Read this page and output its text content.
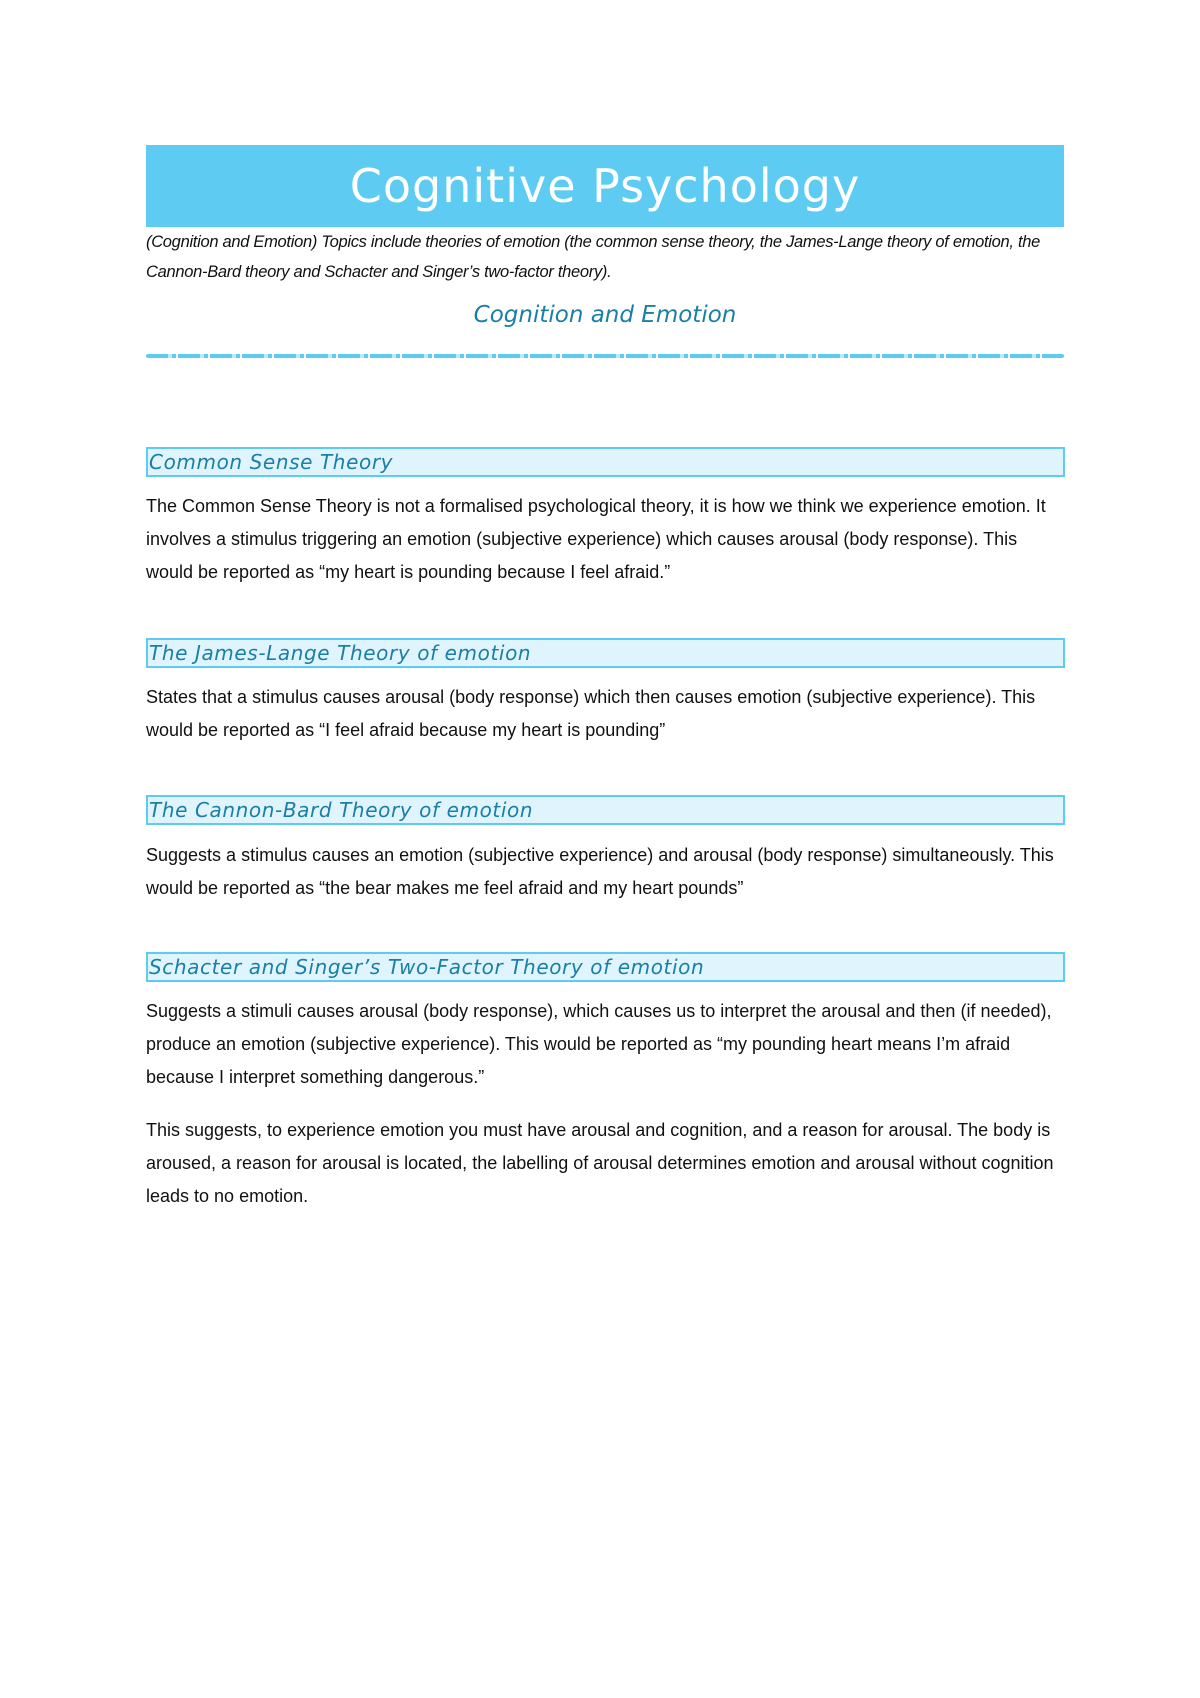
Cognitive Psychology
(Cognition and Emotion) Topics include theories of emotion (the common sense theory, the James-Lange theory of emotion, the Cannon-Bard theory and Schacter and Singer’s two-factor theory).
Cognition and Emotion
Common Sense Theory

The Common Sense Theory is not a formalised psychological theory, it is how we think we experience emotion. It involves a stimulus triggering an emotion (subjective experience) which causes arousal (body response). This would be reported as “my heart is pounding because I feel afraid.”

The James-Lange Theory of emotion

States that a stimulus causes arousal (body response) which then causes emotion (subjective experience). This would be reported as “I feel afraid because my heart is pounding”

The Cannon-Bard Theory of emotion

Suggests a stimulus causes an emotion (subjective experience) and arousal (body response) simultaneously. This would be reported as “the bear makes me feel afraid and my heart pounds”

Schacter and Singer’s Two-Factor Theory of emotion

Suggests a stimuli causes arousal (body response), which causes us to interpret the arousal and then (if needed), produce an emotion (subjective experience). This would be reported as “my pounding heart means I’m afraid because I interpret something dangerous.”

This suggests, to experience emotion you must have arousal and cognition, and a reason for arousal. The body is aroused, a reason for arousal is located, the labelling of arousal determines emotion and arousal without cognition leads to no emotion.
